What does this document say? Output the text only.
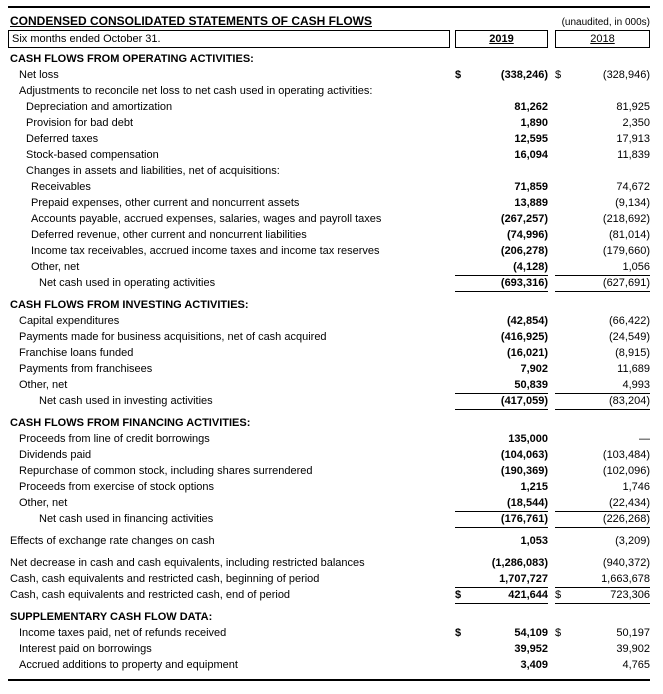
CONDENSED CONSOLIDATED STATEMENTS OF CASH FLOWS	(unaudited, in 000s)
Six months ended October 31.	2019	2018
CASH FLOWS FROM OPERATING ACTIVITIES:
Net loss	$	(338,246) $	(328,946)
Adjustments to reconcile net loss to net cash used in operating activities:
Depreciation and amortization	81,262	81,925
Provision for bad debt	1,890	2,350
Deferred taxes	12,595	17,913
Stock-based compensation	16,094	11,839
Changes in assets and liabilities, net of acquisitions:
Receivables	71,859	74,672
Prepaid expenses, other current and noncurrent assets	13,889	(9,134)
Accounts payable, accrued expenses, salaries, wages and payroll taxes	(267,257)	(218,692)
Deferred revenue, other current and noncurrent liabilities	(74,996)	(81,014)
Income tax receivables, accrued income taxes and income tax reserves	(206,278)	(179,660)
Other, net	(4,128)	1,056
Net cash used in operating activities	(693,316)	(627,691)
CASH FLOWS FROM INVESTING ACTIVITIES:
Capital expenditures	(42,854)	(66,422)
Payments made for business acquisitions, net of cash acquired	(416,925)	(24,549)
Franchise loans funded	(16,021)	(8,915)
Payments from franchisees	7,902	11,689
Other, net	50,839	4,993
Net cash used in investing activities	(417,059)	(83,204)
CASH FLOWS FROM FINANCING ACTIVITIES:
Proceeds from line of credit borrowings	135,000	—
Dividends paid	(104,063)	(103,484)
Repurchase of common stock, including shares surrendered	(190,369)	(102,096)
Proceeds from exercise of stock options	1,215	1,746
Other, net	(18,544)	(22,434)
Net cash used in financing activities	(176,761)	(226,268)
Effects of exchange rate changes on cash	1,053	(3,209)
Net decrease in cash and cash equivalents, including restricted balances	(1,286,083)	(940,372)
Cash, cash equivalents and restricted cash, beginning of period	1,707,727	1,663,678
Cash, cash equivalents and restricted cash, end of period	$	421,644 $	723,306
SUPPLEMENTARY CASH FLOW DATA:
Income taxes paid, net of refunds received	$	54,109 $	50,197
Interest paid on borrowings	39,952	39,902
Accrued additions to property and equipment	3,409	4,765
